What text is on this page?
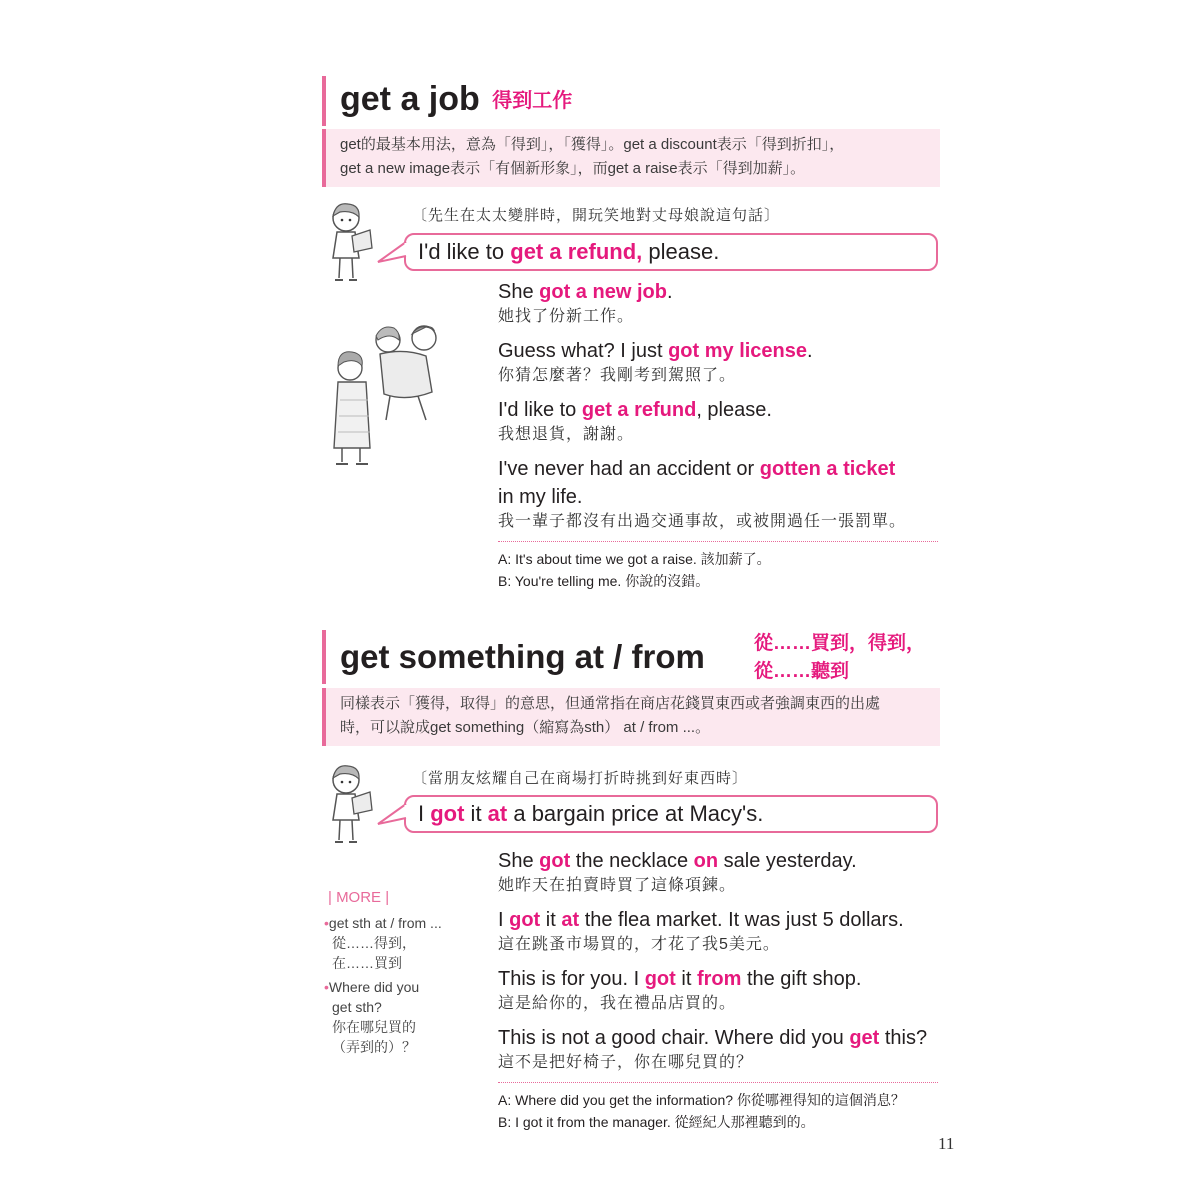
get a job 得到工作
get的最基本用法，意為「得到」，「獲得」。get a discount表示「得到折扣」，
get a new image表示「有個新形象」，而get a raise表示「得到加薪」。
〔先生在太太變胖時，開玩笑地對丈母娘說這句話〕
I'd like to get a refund, please.
She got a new job.
她找了份新工作。
Guess what? I just got my license.
你猜怎麼著？我剛考到駕照了。
I'd like to get a refund, please.
我想退貨，謝謝。
I've never had an accident or gotten a ticket
in my life.
我一輩子都沒有出過交通事故，或被開過任一張罰單。
A: It's about time we got a raise. 該加薪了。
B: You're telling me. 你說的沒錯。
get something at / from	從……買到，得到，
從……聽到
同樣表示「獲得，取得」的意思，但通常指在商店花錢買東西或者強調東西的出處
時，可以說成get something（縮寫為sth） at / from ...。
〔當朋友炫耀自己在商場打折時挑到好東西時〕
I got it at a bargain price at Macy's.
| MORE |
•get sth at / from ...
從……得到，
在……買到
•Where did you
get sth?
你在哪兒買的
（弄到的）？
She got the necklace on sale yesterday.
她昨天在拍賣時買了這條項鍊。
I got it at the flea market. It was just 5 dollars.
這在跳蚤市場買的，才花了我5美元。
This is for you. I got it from the gift shop.
這是給你的，我在禮品店買的。
This is not a good chair. Where did you get this?
這不是把好椅子，你在哪兒買的？
A: Where did you get the information? 你從哪裡得知的這個消息？
B: I got it from the manager. 從經紀人那裡聽到的。
11
